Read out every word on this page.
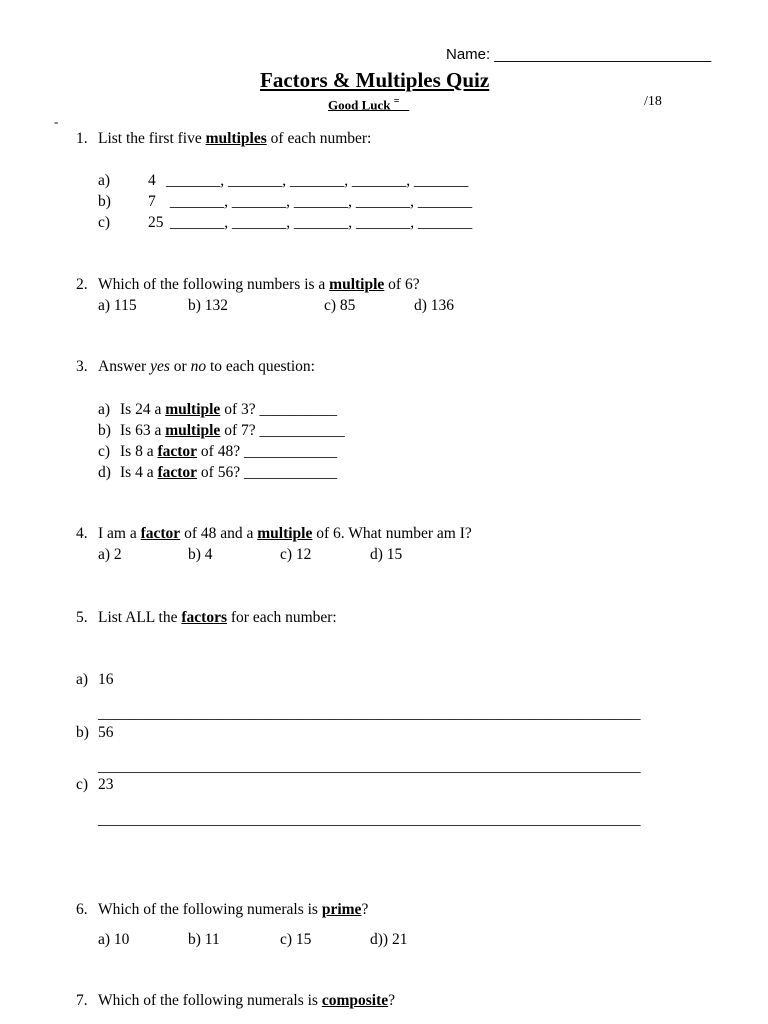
Name: __________________________
Factors & Multiples Quiz
Good Luck =	/18
-
1. List the first five multiples of each number:
a) 4 _______, _______, _______, _______, _______
b) 7 _______, _______, _______, _______, _______
c) 25 _______, _______, _______, _______, _______
2. Which of the following numbers is a multiple of 6?
a) 115	b) 132	c) 85	d) 136
3. Answer yes or no to each question:
a) Is 24 a multiple of 3? __________
b) Is 63 a multiple of 7? ___________
c) Is 8 a factor of 48? ____________
d) Is 4 a factor of 56? ____________
4. I am a factor of 48 and a multiple of 6. What number am I?
a) 2	b) 4	c) 12	d) 15
5. List ALL the factors for each number:
a) 16
______________________________________________________________________
b) 56
______________________________________________________________________
c) 23
______________________________________________________________________
6. Which of the following numerals is prime?
a) 10	b) 11	c) 15	d)) 21
7. Which of the following numerals is composite?
